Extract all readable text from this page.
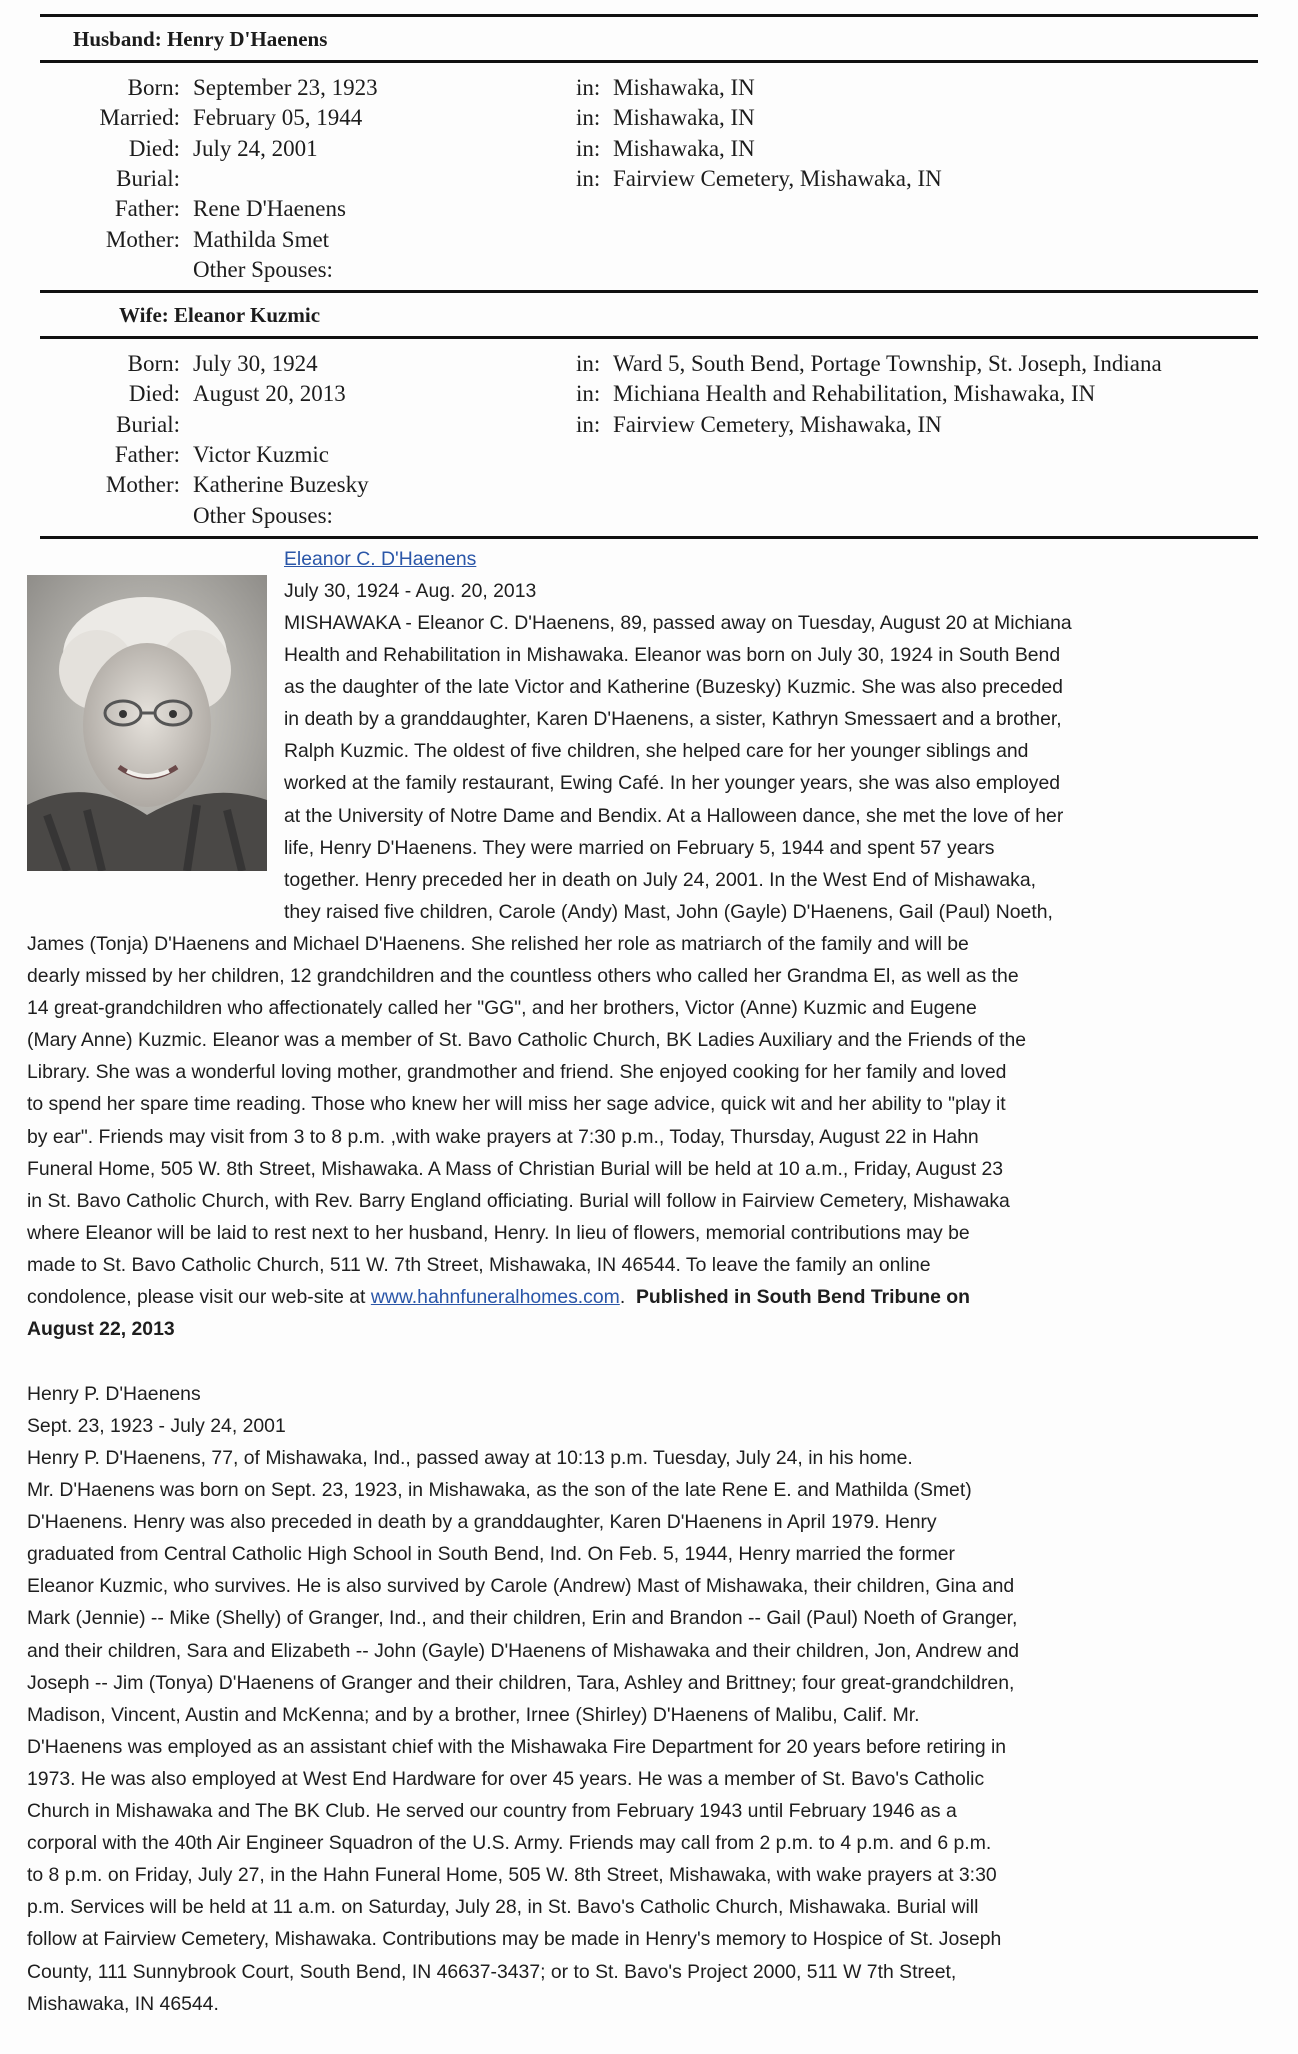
Husband: Henry D'Haenens
Born: September 23, 1923	in: Mishawaka, IN
Married: February 05, 1944	in: Mishawaka, IN
Died: July 24, 2001	in: Mishawaka, IN
Burial:	in: Fairview Cemetery, Mishawaka, IN
Father: Rene D'Haenens
Mother: Mathilda Smet
Other Spouses:
Wife: Eleanor Kuzmic
Born: July 30, 1924	in: Ward 5, South Bend, Portage Township, St. Joseph, Indiana
Died: August 20, 2013	in: Michiana Health and Rehabilitation, Mishawaka, IN
Burial:	in: Fairview Cemetery, Mishawaka, IN
Father: Victor Kuzmic
Mother: Katherine Buzesky
Other Spouses:
Eleanor C. D'Haenens
July 30, 1924 - Aug. 20, 2013
MISHAWAKA - Eleanor C. D'Haenens, 89, passed away on Tuesday, August 20 at Michiana
Health and Rehabilitation in Mishawaka. Eleanor was born on July 30, 1924 in South Bend
as the daughter of the late Victor and Katherine (Buzesky) Kuzmic. She was also preceded
in death by a granddaughter, Karen D'Haenens, a sister, Kathryn Smessaert and a brother,
Ralph Kuzmic. The oldest of five children, she helped care for her younger siblings and
worked at the family restaurant, Ewing Café. In her younger years, she was also employed
at the University of Notre Dame and Bendix. At a Halloween dance, she met the love of her
life, Henry D'Haenens. They were married on February 5, 1944 and spent 57 years
together. Henry preceded her in death on July 24, 2001. In the West End of Mishawaka,
they raised five children, Carole (Andy) Mast, John (Gayle) D'Haenens, Gail (Paul) Noeth,
James (Tonja) D'Haenens and Michael D'Haenens. She relished her role as matriarch of the family and will be
dearly missed by her children, 12 grandchildren and the countless others who called her Grandma El, as well as the
14 great-grandchildren who affectionately called her "GG", and her brothers, Victor (Anne) Kuzmic and Eugene
(Mary Anne) Kuzmic. Eleanor was a member of St. Bavo Catholic Church, BK Ladies Auxiliary and the Friends of the
Library. She was a wonderful loving mother, grandmother and friend. She enjoyed cooking for her family and loved
to spend her spare time reading. Those who knew her will miss her sage advice, quick wit and her ability to "play it
by ear". Friends may visit from 3 to 8 p.m. ,with wake prayers at 7:30 p.m., Today, Thursday, August 22 in Hahn
Funeral Home, 505 W. 8th Street, Mishawaka. A Mass of Christian Burial will be held at 10 a.m., Friday, August 23
in St. Bavo Catholic Church, with Rev. Barry England officiating. Burial will follow in Fairview Cemetery, Mishawaka
where Eleanor will be laid to rest next to her husband, Henry. In lieu of flowers, memorial contributions may be
made to St. Bavo Catholic Church, 511 W. 7th Street, Mishawaka, IN 46544. To leave the family an online
condolence, please visit our web-site at www.hahnfuneralhomes.com. Published in South Bend Tribune on
August 22, 2013
Henry P. D'Haenens
Sept. 23, 1923 - July 24, 2001
Henry P. D'Haenens, 77, of Mishawaka, Ind., passed away at 10:13 p.m. Tuesday, July 24, in his home.
Mr. D'Haenens was born on Sept. 23, 1923, in Mishawaka, as the son of the late Rene E. and Mathilda (Smet)
D'Haenens. Henry was also preceded in death by a granddaughter, Karen D'Haenens in April 1979. Henry
graduated from Central Catholic High School in South Bend, Ind. On Feb. 5, 1944, Henry married the former
Eleanor Kuzmic, who survives. He is also survived by Carole (Andrew) Mast of Mishawaka, their children, Gina and
Mark (Jennie) -- Mike (Shelly) of Granger, Ind., and their children, Erin and Brandon -- Gail (Paul) Noeth of Granger,
and their children, Sara and Elizabeth -- John (Gayle) D'Haenens of Mishawaka and their children, Jon, Andrew and
Joseph -- Jim (Tonya) D'Haenens of Granger and their children, Tara, Ashley and Brittney; four great-grandchildren,
Madison, Vincent, Austin and McKenna; and by a brother, Irnee (Shirley) D'Haenens of Malibu, Calif. Mr.
D'Haenens was employed as an assistant chief with the Mishawaka Fire Department for 20 years before retiring in
1973. He was also employed at West End Hardware for over 45 years. He was a member of St. Bavo's Catholic
Church in Mishawaka and The BK Club. He served our country from February 1943 until February 1946 as a
corporal with the 40th Air Engineer Squadron of the U.S. Army. Friends may call from 2 p.m. to 4 p.m. and 6 p.m.
to 8 p.m. on Friday, July 27, in the Hahn Funeral Home, 505 W. 8th Street, Mishawaka, with wake prayers at 3:30
p.m. Services will be held at 11 a.m. on Saturday, July 28, in St. Bavo's Catholic Church, Mishawaka. Burial will
follow at Fairview Cemetery, Mishawaka. Contributions may be made in Henry's memory to Hospice of St. Joseph
County, 111 Sunnybrook Court, South Bend, IN 46637-3437; or to St. Bavo's Project 2000, 511 W 7th Street,
Mishawaka, IN 46544.
